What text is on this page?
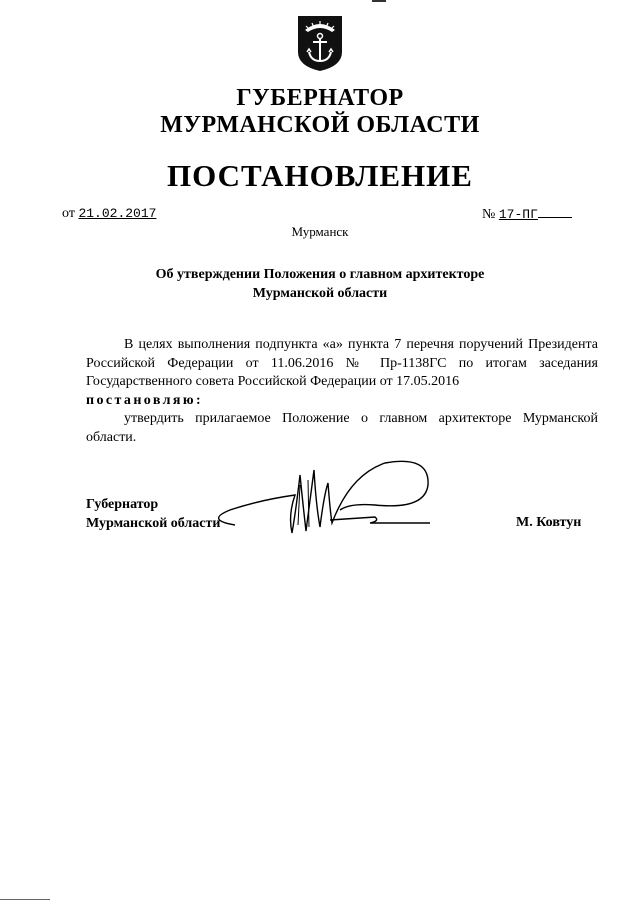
ГУБЕРНАТОР
МУРМАНСКОЙ ОБЛАСТИ
ПОСТАНОВЛЕНИЕ
от 21.02.2017	№ 17-ПГ
Мурманск
Об утверждении Положения о главном архитекторе
Мурманской области

В целях выполнения подпункта «а» пункта 7 перечня поручений Президента Российской Федерации от 11.06.2016 № Пр-1138ГС по итогам заседания Государственного совета Российской Федерации от 17.05.2016

постановляю:

утвердить прилагаемое Положение о главном архитекторе Мурманской области.

Губернатор
Мурманской области	М. Ковтун
